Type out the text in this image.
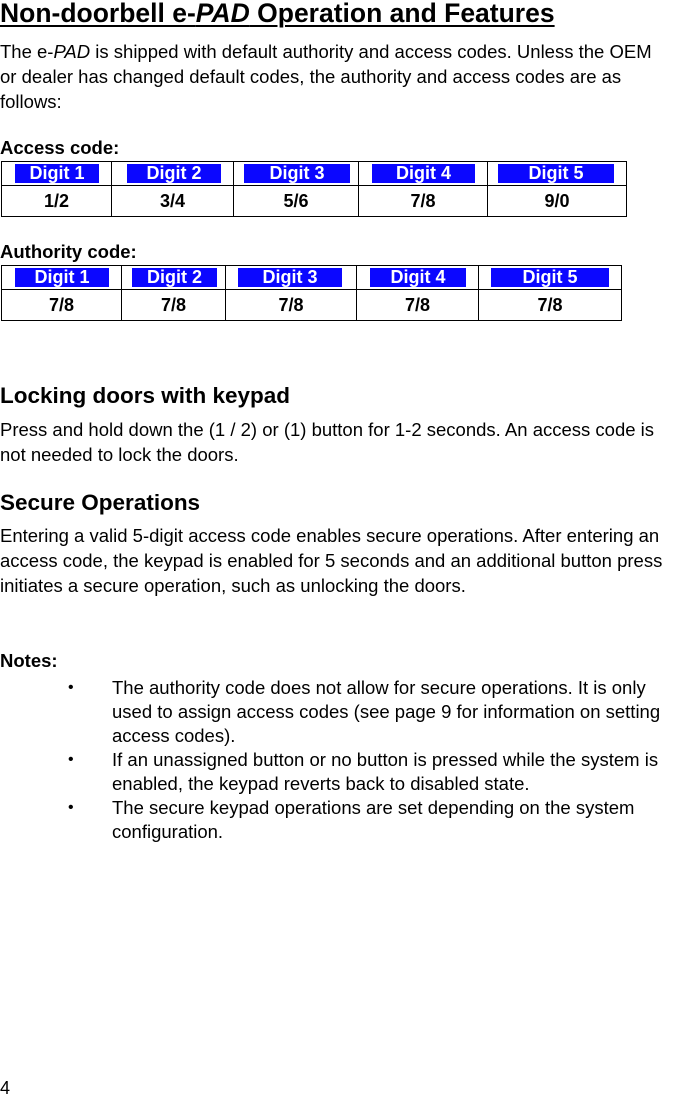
Non-doorbell e-PAD Operation and Features

The e-PAD is shipped with default authority and access codes. Unless the OEM or dealer has changed default codes, the authority and access codes are as follows:

Access code:

Digit 1	Digit 2	Digit 3	Digit 4	Digit 5

1/2	3/4	5/6	7/8	9/0

Authority code:

Digit 1	Digit 2	Digit 3	Digit 4	Digit 5

7/8	7/8	7/8	7/8	7/8
Locking doors with keypad

Press and hold down the (1 / 2) or (1) button for 1-2 seconds. An access code is not needed to lock the doors.

Secure Operations

Entering a valid 5-digit access code enables secure operations. After entering an access code, the keypad is enabled for 5 seconds and an additional button press initiates a secure operation, such as unlocking the doors.

Notes:

• The authority code does not allow for secure operations. It is only used to assign access codes (see page 9 for information on setting access codes).
• If an unassigned button or no button is pressed while the system is enabled, the keypad reverts back to disabled state.
• The secure keypad operations are set depending on the system configuration.
4
